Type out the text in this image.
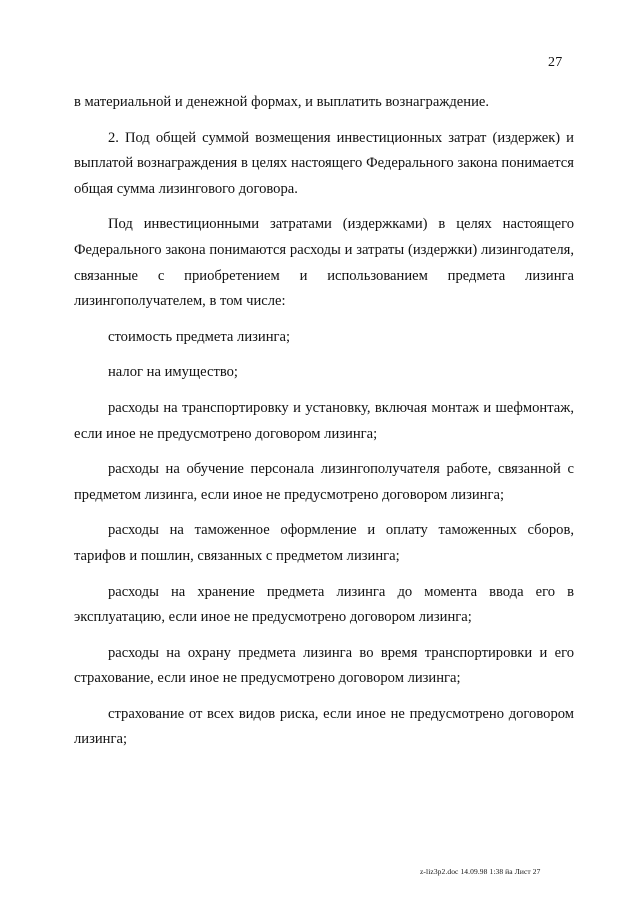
27

в материальной и денежной формах, и выплатить вознаграждение.

2. Под общей суммой возмещения инвестиционных затрат (издержек) и выплатой вознаграждения в целях настоящего Федерального закона понимается общая сумма лизингового договора.

Под инвестиционными затратами (издержками) в целях настоящего Федерального закона понимаются расходы и затраты (издержки) лизингодателя, связанные с приобретением и использованием предмета лизинга лизингополучателем, в том числе:

стоимость предмета лизинга;

налог на имущество;

расходы на транспортировку и установку, включая монтаж и шефмонтаж, если иное не предусмотрено договором лизинга;

расходы на обучение персонала лизингополучателя работе, связанной с предметом лизинга, если иное не предусмотрено договором лизинга;

расходы на таможенное оформление и оплату таможенных сборов, тарифов и пошлин, связанных с предметом лизинга;

расходы на хранение предмета лизинга до момента ввода его в эксплуатацию, если иное не предусмотрено договором лизинга;

расходы на охрану предмета лизинга во время транспортировки и его страхование, если иное не предусмотрено договором лизинга;

страхование от всех видов риска, если иное не предусмотрено договором лизинга;

z-liz3p2.doc 14.09.98 1:38 йа Лист 27
